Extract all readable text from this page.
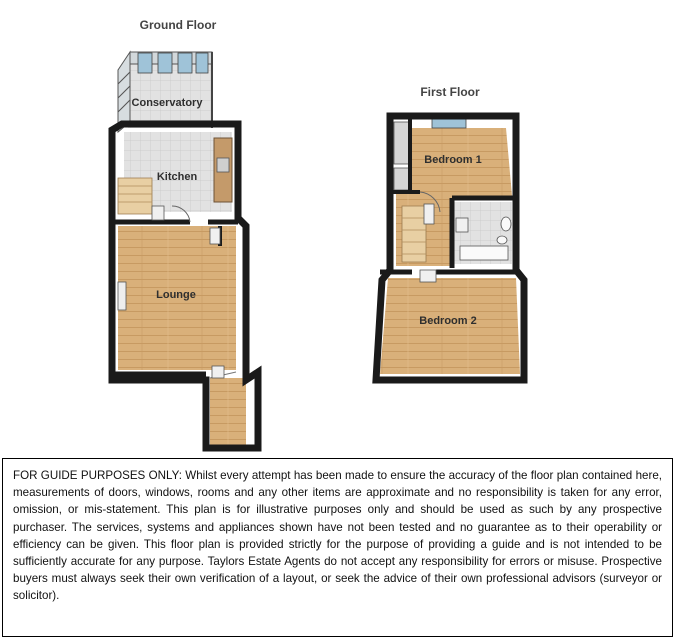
Ground Floor
Conservatory
Kitchen
Lounge
First Floor
Bedroom 1
Bedroom 2
FOR GUIDE PURPOSES ONLY: Whilst every attempt has been made to ensure the accuracy of the floor plan contained here, measurements of doors, windows, rooms and any other items are approximate and no responsibility is taken for any error, omission, or mis-statement. This plan is for illustrative purposes only and should be used as such by any prospective purchaser. The services, systems and appliances shown have not been tested and no guarantee as to their operability or efficiency can be given. This floor plan is provided strictly for the purpose of providing a guide and is not intended to be sufficiently accurate for any purpose. Taylors Estate Agents do not accept any responsibility for errors or misuse. Prospective buyers must always seek their own verification of a layout, or seek the advice of their own professional advisors (surveyor or solicitor).
